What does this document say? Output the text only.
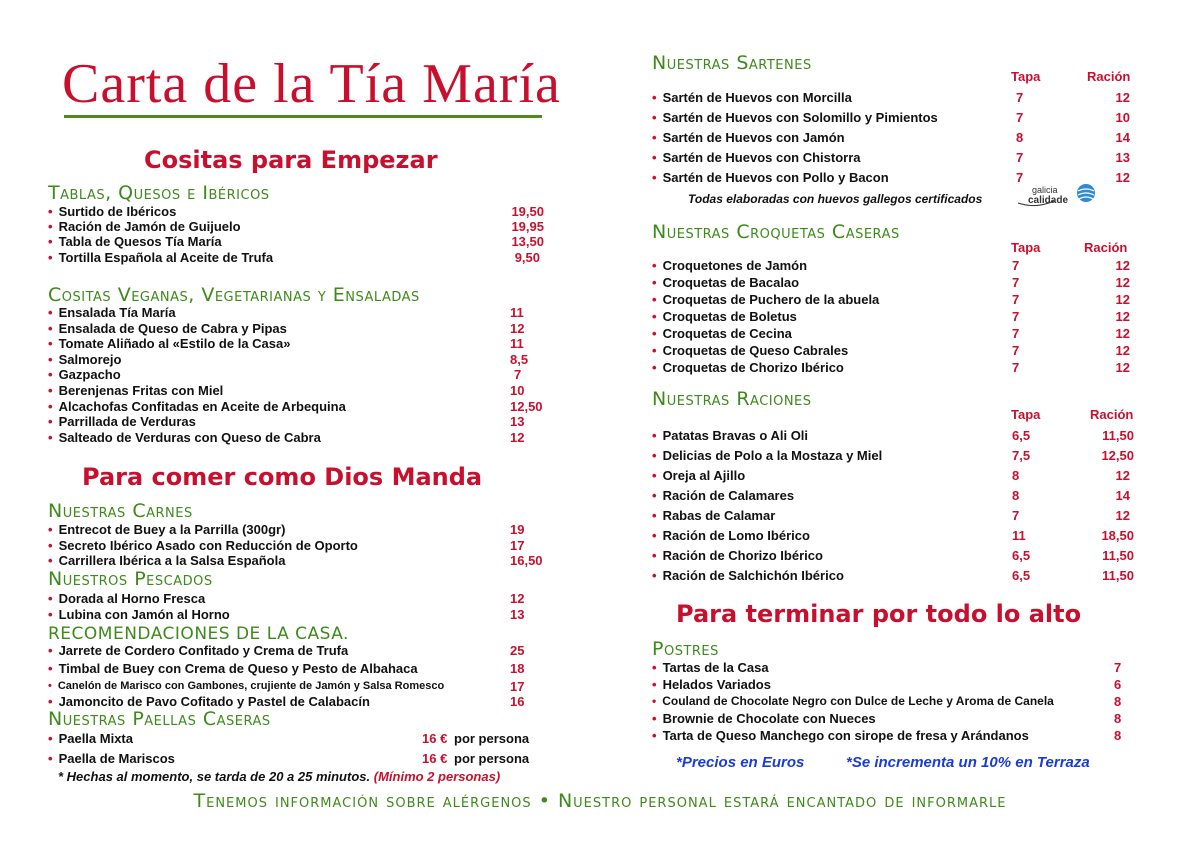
Carta de la Tía María
Cositas para Empezar
Tablas, Quesos e Ibéricos
• Surtido de Ibéricos	19,50
• Ración de Jamón de Guijuelo	19,95
• Tabla de Quesos Tía María	13,50
• Tortilla Española al Aceite de Trufa	9,50
Cositas Veganas, Vegetarianas y Ensaladas
• Ensalada Tía María	11
• Ensalada de Queso de Cabra y Pipas	12
• Tomate Aliñado al «Estilo de la Casa»	11
• Salmorejo	8,5
• Gazpacho	7
• Berenjenas Fritas con Miel	10
• Alcachofas Confitadas en Aceite de Arbequina	12,50
• Parrillada de Verduras	13
• Salteado de Verduras con Queso de Cabra	12
Para comer como Dios Manda
Nuestras Carnes
• Entrecot de Buey a la Parrilla (300gr)	19
• Secreto Ibérico Asado con Reducción de Oporto	17
• Carrillera Ibérica a la Salsa Española	16,50
Nuestros Pescados
• Dorada al Horno Fresca	12
• Lubina con Jamón al Horno	13
RECOMENDACIONES DE LA CASA.
• Jarrete de Cordero Confitado y Crema de Trufa	25
• Timbal de Buey con Crema de Queso y Pesto de Albahaca	18
• Canelón de Marisco con Gambones, crujiente de Jamón y Salsa Romesco	17
• Jamoncito de Pavo Cofitado y Pastel de Calabacín	16
Nuestras Paellas Caseras
• Paella Mixta	16 € por persona
• Paella de Mariscos	16 € por persona
* Hechas al momento, se tarda de 20 a 25 minutos. (Mínimo 2 personas)
Nuestras Sartenes
Tapa	Ración
• Sartén de Huevos con Morcilla	7	12
• Sartén de Huevos con Solomillo y Pimientos	7	10
• Sartén de Huevos con Jamón	8	14
• Sartén de Huevos con Chistorra	7	13
• Sartén de Huevos con Pollo y Bacon	7	12
Todas elaboradas con huevos gallegos certificados
galicia
calidade
Nuestras Croquetas Caseras
Tapa	Ración
• Croquetones de Jamón	7	12
• Croquetas de Bacalao	7	12
• Croquetas de Puchero de la abuela	7	12
• Croquetas de Boletus	7	12
• Croquetas de Cecina	7	12
• Croquetas de Queso Cabrales	7	12
• Croquetas de Chorizo Ibérico	7	12
Nuestras Raciones
Tapa	Ración
• Patatas Bravas o Ali Oli	6,5	11,50
• Delicias de Polo a la Mostaza y Miel	7,5	12,50
• Oreja al Ajillo	8	12
• Ración de Calamares	8	14
• Rabas de Calamar	7	12
• Ración de Lomo Ibérico	11	18,50
• Ración de Chorizo Ibérico	6,5	11,50
• Ración de Salchichón Ibérico	6,5	11,50
Para terminar por todo lo alto
Postres
• Tartas de la Casa	7
• Helados Variados	6
• Couland de Chocolate Negro con Dulce de Leche y Aroma de Canela	8
• Brownie de Chocolate con Nueces	8
• Tarta de Queso Manchego con sirope de fresa y Arándanos	8
*Precios en Euros	*Se incrementa un 10% en Terraza
Tenemos información sobre alérgenos • Nuestro personal estará encantado de informarle
